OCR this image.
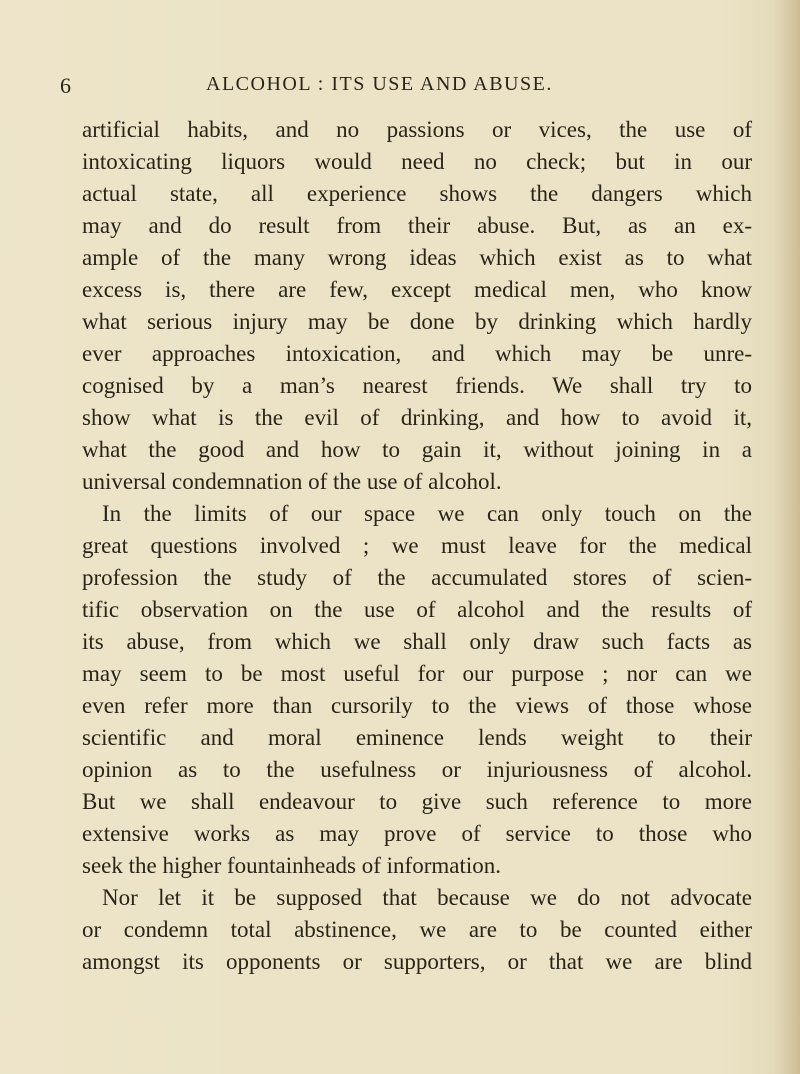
6	ALCOHOL : ITS USE AND ABUSE.
artificial habits, and no passions or vices, the use of
intoxicating liquors would need no check; but in our
actual state, all experience shows the dangers which
may and do result from their abuse. But, as an ex-
ample of the many wrong ideas which exist as to what
excess is, there are few, except medical men, who know
what serious injury may be done by drinking which hardly
ever approaches intoxication, and which may be unre-
cognised by a man’s nearest friends. We shall try to
show what is the evil of drinking, and how to avoid it,
what the good and how to gain it, without joining in a
universal condemnation of the use of alcohol.
In the limits of our space we can only touch on the
great questions involved ; we must leave for the medical
profession the study of the accumulated stores of scien-
tific observation on the use of alcohol and the results of
its abuse, from which we shall only draw such facts as
may seem to be most useful for our purpose ; nor can we
even refer more than cursorily to the views of those whose
scientific and moral eminence lends weight to their
opinion as to the usefulness or injuriousness of alcohol.
But we shall endeavour to give such reference to more
extensive works as may prove of service to those who
seek the higher fountainheads of information.
Nor let it be supposed that because we do not advocate
or condemn total abstinence, we are to be counted either
amongst its opponents or supporters, or that we are blind
